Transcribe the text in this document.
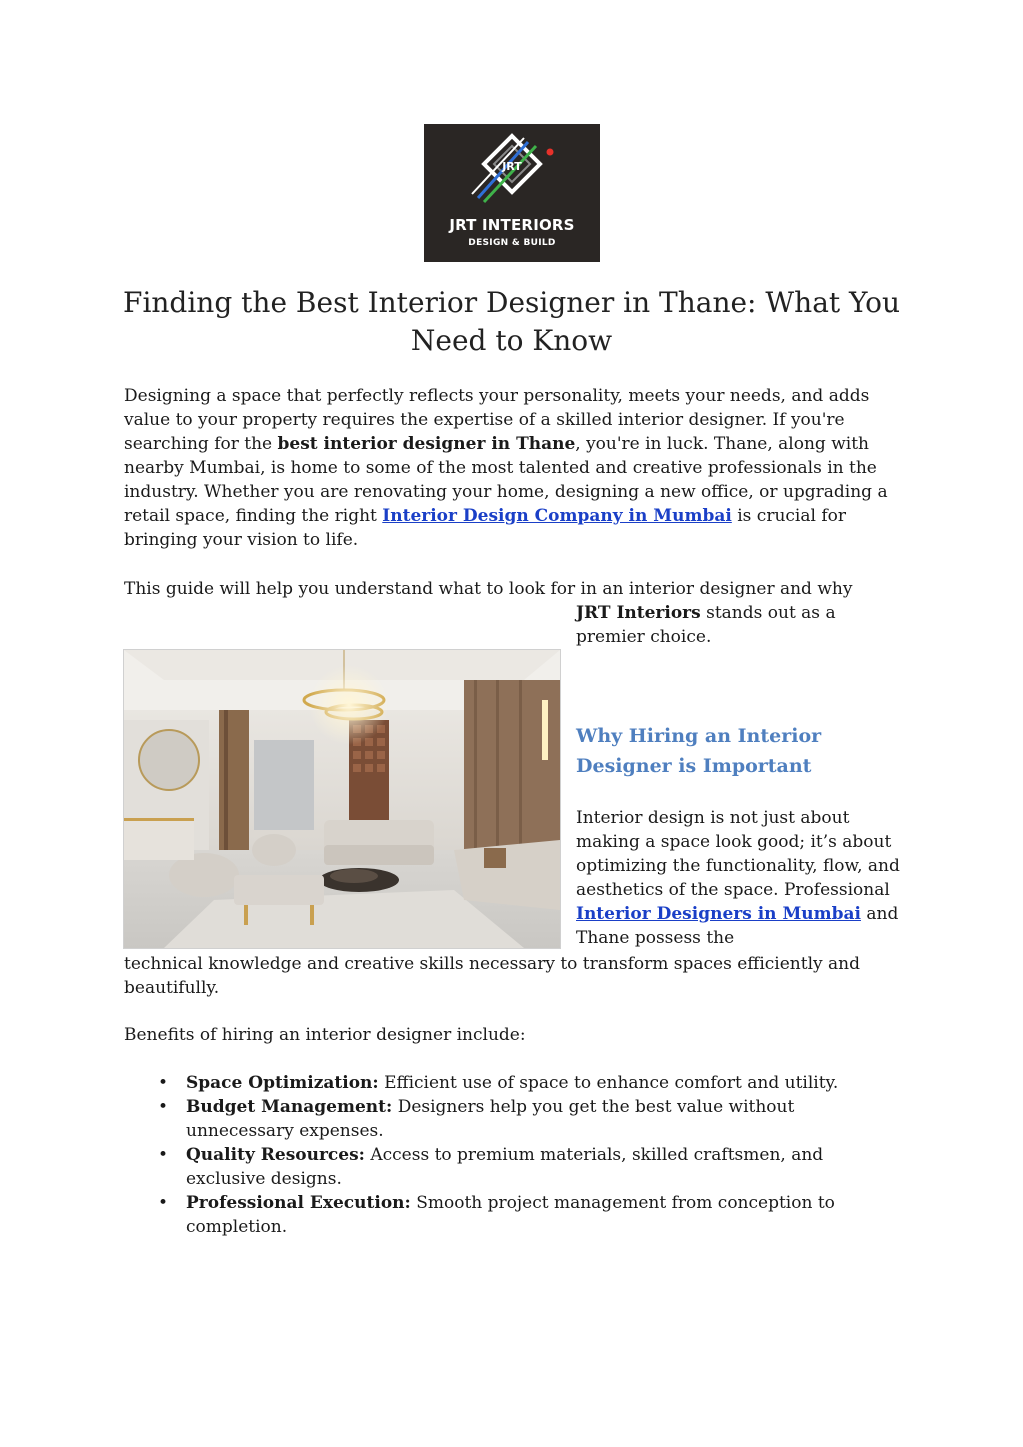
JRT
JRT INTERIORS
DESIGN & BUILD
Finding the Best Interior Designer in Thane: What You Need to Know

Designing a space that perfectly reflects your personality, meets your needs, and adds value to your property requires the expertise of a skilled interior designer. If you're searching for the best interior designer in Thane, you're in luck. Thane, along with nearby Mumbai, is home to some of the most talented and creative professionals in the industry. Whether you are renovating your home, designing a new office, or upgrading a retail space, finding the right Interior Design Company in Mumbai is crucial for bringing your vision to life.

This guide will help you understand what to look for in an interior designer and why

JRT Interiors stands out as a premier choice.

Why Hiring an Interior Designer is Important

Interior design is not just about making a space look good; it’s about optimizing the functionality, flow, and aesthetics of the space. Professional Interior Designers in Mumbai and Thane possess the

technical knowledge and creative skills necessary to transform spaces efficiently and beautifully.

Benefits of hiring an interior designer include:

• Space Optimization: Efficient use of space to enhance comfort and utility.
• Budget Management: Designers help you get the best value without unnecessary expenses.
• Quality Resources: Access to premium materials, skilled craftsmen, and exclusive designs.
• Professional Execution: Smooth project management from conception to completion.
